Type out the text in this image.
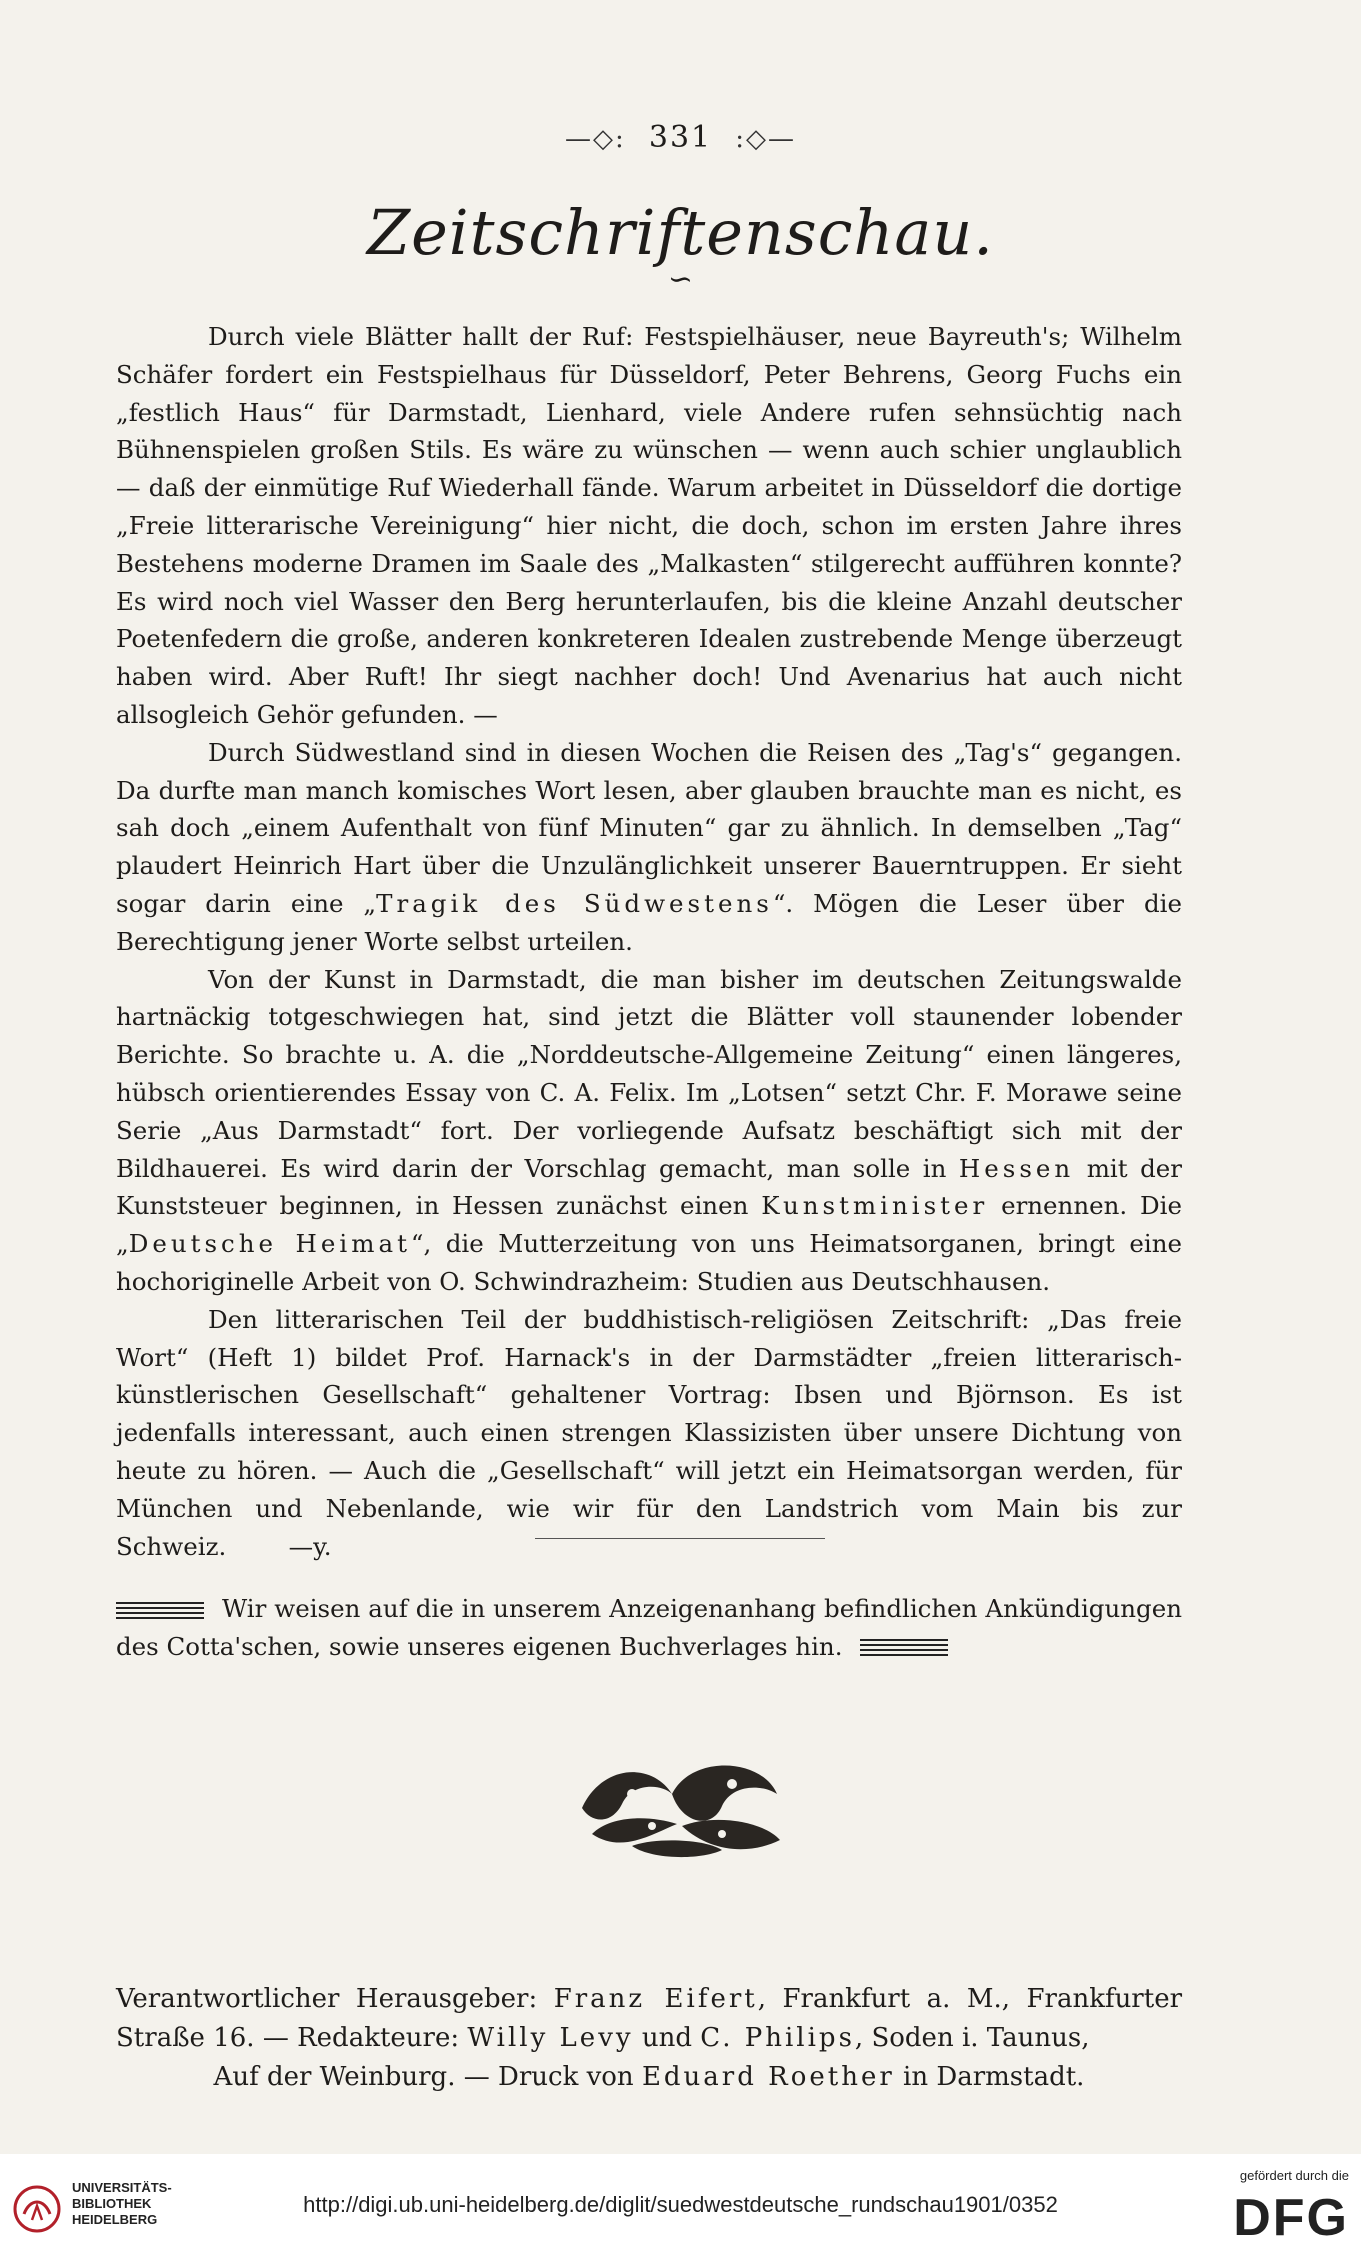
—◇: 331 :◇—
Zeitschriftenschau.
∽

Durch viele Blätter hallt der Ruf: Festspielhäuser, neue Bayreuth's; Wilhelm Schäfer fordert ein Festspielhaus für Düsseldorf, Peter Behrens, Georg Fuchs ein „festlich Haus“ für Darmstadt, Lienhard, viele Andere rufen sehnsüchtig nach Bühnenspielen großen Stils. Es wäre zu wünschen — wenn auch schier unglaublich — daß der einmütige Ruf Wiederhall fände. Warum arbeitet in Düsseldorf die dortige „Freie litterarische Vereinigung“ hier nicht, die doch, schon im ersten Jahre ihres Bestehens moderne Dramen im Saale des „Malkasten“ stilgerecht aufführen konnte? Es wird noch viel Wasser den Berg herunterlaufen, bis die kleine Anzahl deutscher Poetenfedern die große, anderen konkreteren Idealen zustrebende Menge überzeugt haben wird. Aber Ruft! Ihr siegt nachher doch! Und Avenarius hat auch nicht allsogleich Gehör gefunden. —

Durch Südwestland sind in diesen Wochen die Reisen des „Tag's“ gegangen. Da durfte man manch komisches Wort lesen, aber glauben brauchte man es nicht, es sah doch „einem Aufenthalt von fünf Minuten“ gar zu ähnlich. In demselben „Tag“ plaudert Heinrich Hart über die Unzulänglichkeit unserer Bauerntruppen. Er sieht sogar darin eine „Tragik des Südwestens“. Mögen die Leser über die Berechtigung jener Worte selbst urteilen.

Von der Kunst in Darmstadt, die man bisher im deutschen Zeitungswalde hartnäckig totgeschwiegen hat, sind jetzt die Blätter voll staunender lobender Berichte. So brachte u. A. die „Norddeutsche-Allgemeine Zeitung“ einen längeres, hübsch orientierendes Essay von C. A. Felix. Im „Lotsen“ setzt Chr. F. Morawe seine Serie „Aus Darmstadt“ fort. Der vorliegende Aufsatz beschäftigt sich mit der Bildhauerei. Es wird darin der Vorschlag gemacht, man solle in Hessen mit der Kunststeuer beginnen, in Hessen zunächst einen Kunstminister ernennen. Die „Deutsche Heimat“, die Mutterzeitung von uns Heimatsorganen, bringt eine hochoriginelle Arbeit von O. Schwindrazheim: Studien aus Deutschhausen.

Den litterarischen Teil der buddhistisch-religiösen Zeitschrift: „Das freie Wort“ (Heft 1) bildet Prof. Harnack's in der Darmstädter „freien litterarisch-künstlerischen Gesellschaft“ gehaltener Vortrag: Ibsen und Björnson. Es ist jedenfalls interessant, auch einen strengen Klassizisten über unsere Dichtung von heute zu hören. — Auch die „Gesellschaft“ will jetzt ein Heimatsorgan werden, für München und Nebenlande, wie wir für den Landstrich vom Main bis zur Schweiz.	—y.

Wir weisen auf die in unserem Anzeigenanhang befindlichen Ankündigungen des Cotta'schen, sowie unseres eigenen Buchverlages hin.
Verantwortlicher Herausgeber: Franz Eifert, Frankfurt a. M., Frankfurter Straße 16. — Redakteure: Willy Levy und C. Philips, Soden i. Taunus,
Auf der Weinburg. — Druck von Eduard Roether in Darmstadt.
UNIVERSITÄTS-
BIBLIOTHEK
HEIDELBERG
http://digi.ub.uni-heidelberg.de/diglit/suedwestdeutsche_rundschau1901/0352
gefördert durch die
DFG
